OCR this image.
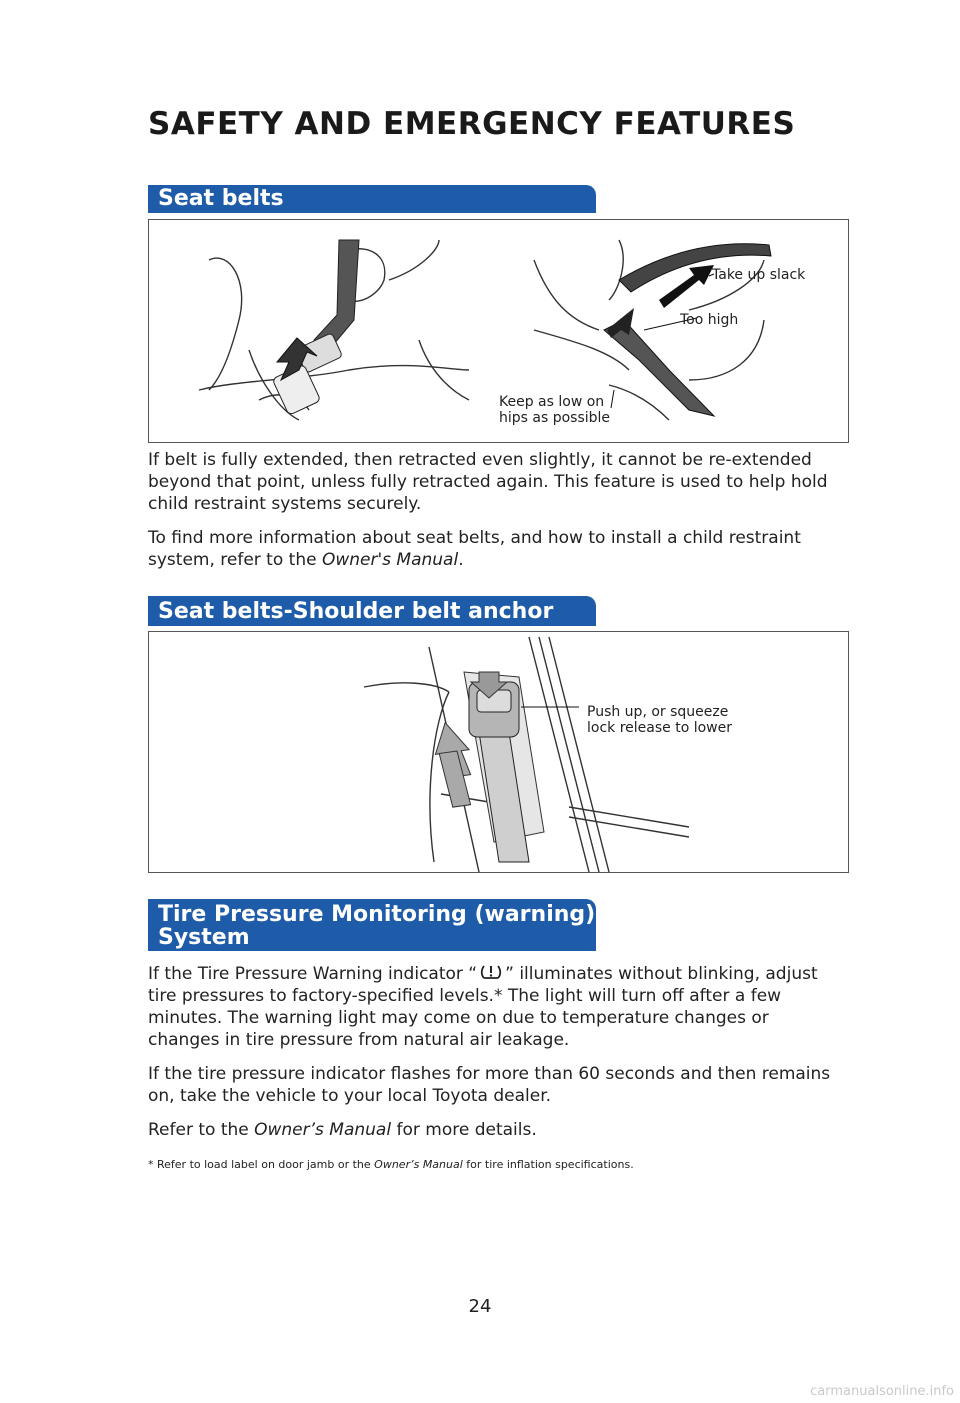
SAFETY AND EMERGENCY FEATURES
Seat belts
Take up slack
Too high
Keep as low on
hips as possible

If belt is fully extended, then retracted even slightly, it cannot be re-extended beyond that point, unless fully retracted again. This feature is used to help hold child restraint systems securely.

To find more information about seat belts, and how to install a child restraint system, refer to the Owner's Manual.

Seat belts-Shoulder belt anchor
Push up, or squeeze
lock release to lower
Tire Pressure Monitoring (warning)
System

If the Tire Pressure Warning indicator “ ” illuminates without blinking, adjust tire pressures to factory-specified levels.* The light will turn off after a few minutes. The warning light may come on due to temperature changes or changes in tire pressure from natural air leakage.

If the tire pressure indicator flashes for more than 60 seconds and then remains on, take the vehicle to your local Toyota dealer.

Refer to the Owner’s Manual for more details.

* Refer to load label on door jamb or the Owner’s Manual for tire inflation specifications.

24

carmanualsonline.info
